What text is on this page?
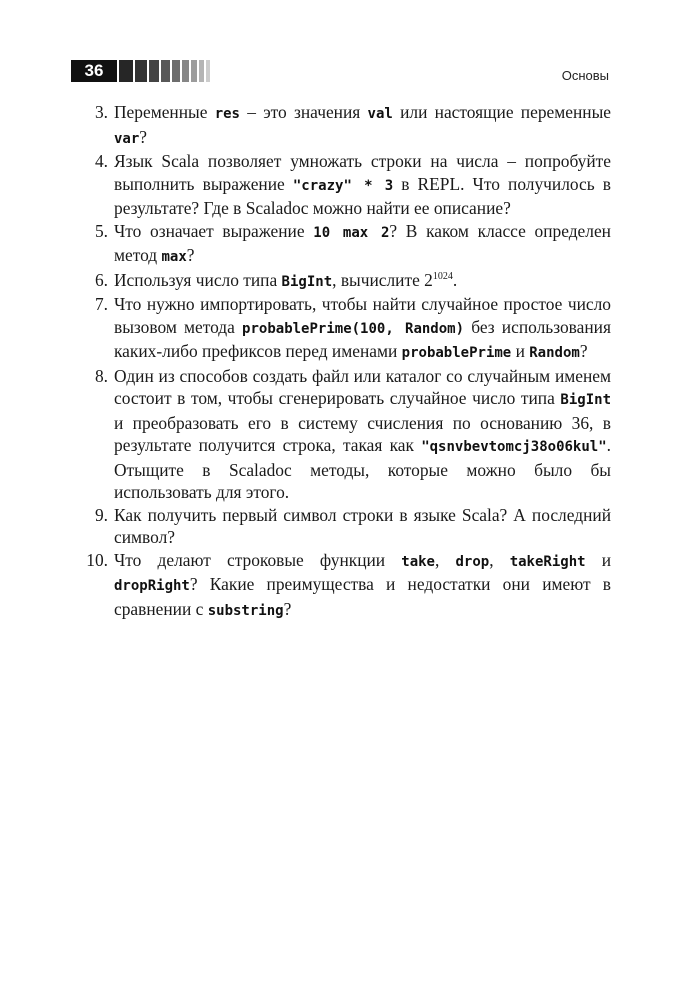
36	Основы
3. Переменные res – это значения val или настоящие переменные var?
4. Язык Scala позволяет умножать строки на числа – попробуйте выполнить выражение "crazy" * 3 в REPL. Что получилось в результате? Где в Scaladoc можно найти ее описание?
5. Что означает выражение 10 max 2? В каком классе определен метод max?
6. Используя число типа BigInt, вычислите $2^{1024}$.
7. Что нужно импортировать, чтобы найти случайное простое число вызовом метода probablePrime(100, Random) без использования каких-либо префиксов перед именами probablePrime и Random?
8. Один из способов создать файл или каталог со случайным именем состоит в том, чтобы сгенерировать случайное число типа BigInt и преобразовать его в систему счисления по основанию 36, в результате получится строка, такая как "qsnvbevtomcj38o06kul". Отыщите в Scaladoc методы, которые можно было бы использовать для этого.
9. Как получить первый символ строки в языке Scala? А последний символ?
10. Что делают строковые функции take, drop, takeRight и dropRight? Какие преимущества и недостатки они имеют в сравнении с substring?
